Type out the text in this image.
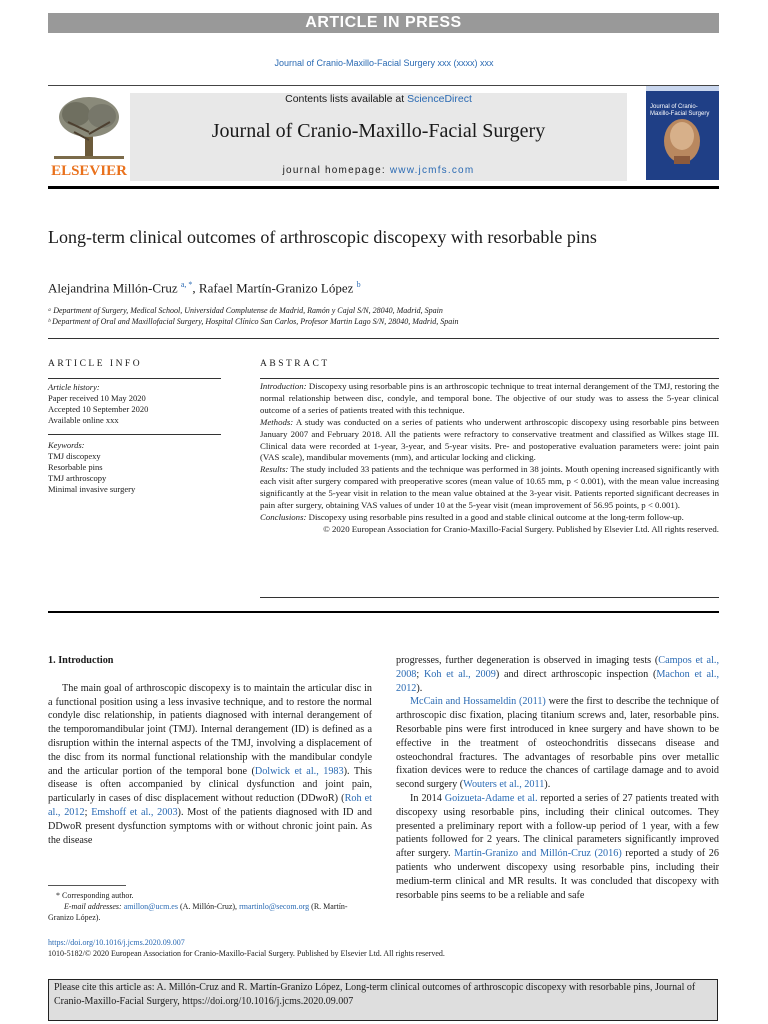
ARTICLE IN PRESS
Journal of Cranio-Maxillo-Facial Surgery xxx (xxxx) xxx
ELSEVIER
Contents lists available at ScienceDirect
Journal of Cranio-Maxillo-Facial Surgery
journal homepage: www.jcmfs.com
Journal of Cranio-Maxillo-Facial Surgery
Long-term clinical outcomes of arthroscopic discopexy with resorbable pins
Alejandrina Millón-Cruz $^{a, *}$, Rafael Martín-Granizo López $^b$
ᵃ Department of Surgery, Medical School, Universidad Complutense de Madrid, Ramón y Cajal S/N, 28040, Madrid, Spain
ᵇ Department of Oral and Maxillofacial Surgery, Hospital Clínico San Carlos, Profesor Martin Lago S/N, 28040, Madrid, Spain
ARTICLE INFO	ABSTRACT
Article history:
Paper received 10 May 2020
Accepted 10 September 2020
Available online xxx
Keywords:
TMJ discopexy
Resorbable pins
TMJ arthroscopy
Minimal invasive surgery

Introduction: Discopexy using resorbable pins is an arthroscopic technique to treat internal derangement of the TMJ, restoring the normal relationship between disc, condyle, and temporal bone. The objective of our study was to assess the 5-year clinical outcome of a series of patients treated with this technique.

Methods: A study was conducted on a series of patients who underwent arthroscopic discopexy using resorbable pins between January 2007 and February 2018. All the patients were refractory to conservative treatment and classified as Wilkes stage III. Clinical data were recorded at 1-year, 3-year, and 5-year visits. Pre- and postoperative evaluation parameters were: joint pain (VAS scale), mandibular movements (mm), and articular locking and clicking.

Results: The study included 33 patients and the technique was performed in 38 joints. Mouth opening increased significantly with each visit after surgery compared with preoperative scores (mean value of 10.65 mm, p < 0.001), with the mean value increasing significantly at the 5-year visit in relation to the mean value obtained at the 3-year visit. Patients reported significant decreases in pain after surgery, obtaining VAS values of under 10 at the 5-year visit (mean improvement of 56.95 points, p < 0.001).

Conclusions: Discopexy using resorbable pins resulted in a good and stable clinical outcome at the long-term follow-up.

© 2020 European Association for Cranio-Maxillo-Facial Surgery. Published by Elsevier Ltd. All rights reserved.

1. Introduction

The main goal of arthroscopic discopexy is to maintain the articular disc in a functional position using a less invasive technique, and to restore the normal condyle disc relationship, in patients diagnosed with internal derangement of the temporomandibular joint (TMJ). Internal derangement (ID) is defined as a disruption within the internal aspects of the TMJ, involving a displacement of the disc from its normal functional relationship with the mandibular condyle and the articular portion of the temporal bone (Dolwick et al., 1983). This disease is often accompanied by clinical dysfunction and joint pain, particularly in cases of disc displacement without reduction (DDwoR) (Roh et al., 2012; Emshoff et al., 2003). Most of the patients diagnosed with ID and DDwoR present dysfunction symptoms with or without chronic joint pain. As the disease

progresses, further degeneration is observed in imaging tests (Campos et al., 2008; Koh et al., 2009) and direct arthroscopic inspection (Machon et al., 2012).

McCain and Hossameldin (2011) were the first to describe the technique of arthroscopic disc fixation, placing titanium screws and, later, resorbable pins. Resorbable pins were first introduced in knee surgery and have shown to be effective in the treatment of osteochondritis dissecans disease and osteochondral fractures. The advantages of resorbable pins over metallic fixation devices were to reduce the chances of cartilage damage and to avoid second surgery (Wouters et al., 2011).

In 2014 Goizueta-Adame et al. reported a series of 27 patients treated with discopexy using resorbable pins, including their clinical outcomes. They presented a preliminary report with a follow-up period of 1 year, with a few patients followed for 2 years. The clinical parameters significantly improved after surgery. Martín-Granizo and Millón-Cruz (2016) reported a study of 26 patients who underwent discopexy using resorbable pins, including their medium-term clinical and MR results. It was concluded that discopexy with resorbable pins seems to be a reliable and safe

* Corresponding author.

E-mail addresses: amillon@ucm.es (A. Millón-Cruz), rmartinlo@secom.org (R. Martín-Granizo López).

https://doi.org/10.1016/j.jcms.2020.09.007
1010-5182/© 2020 European Association for Cranio-Maxillo-Facial Surgery. Published by Elsevier Ltd. All rights reserved.
Please cite this article as: A. Millón-Cruz and R. Martín-Granizo López, Long-term clinical outcomes of arthroscopic discopexy with resorbable pins, Journal of Cranio-Maxillo-Facial Surgery, https://doi.org/10.1016/j.jcms.2020.09.007
